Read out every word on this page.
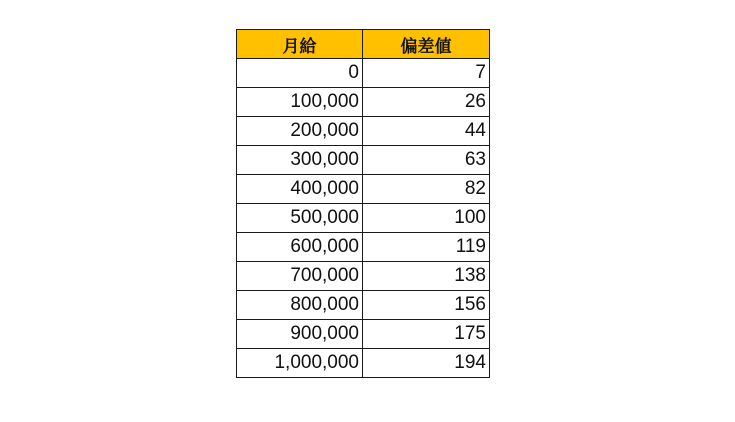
月給	偏差値
0	7
100,000	26
200,000	44
300,000	63
400,000	82
500,000	100
600,000	119
700,000	138
800,000	156
900,000	175
1,000,000	194
